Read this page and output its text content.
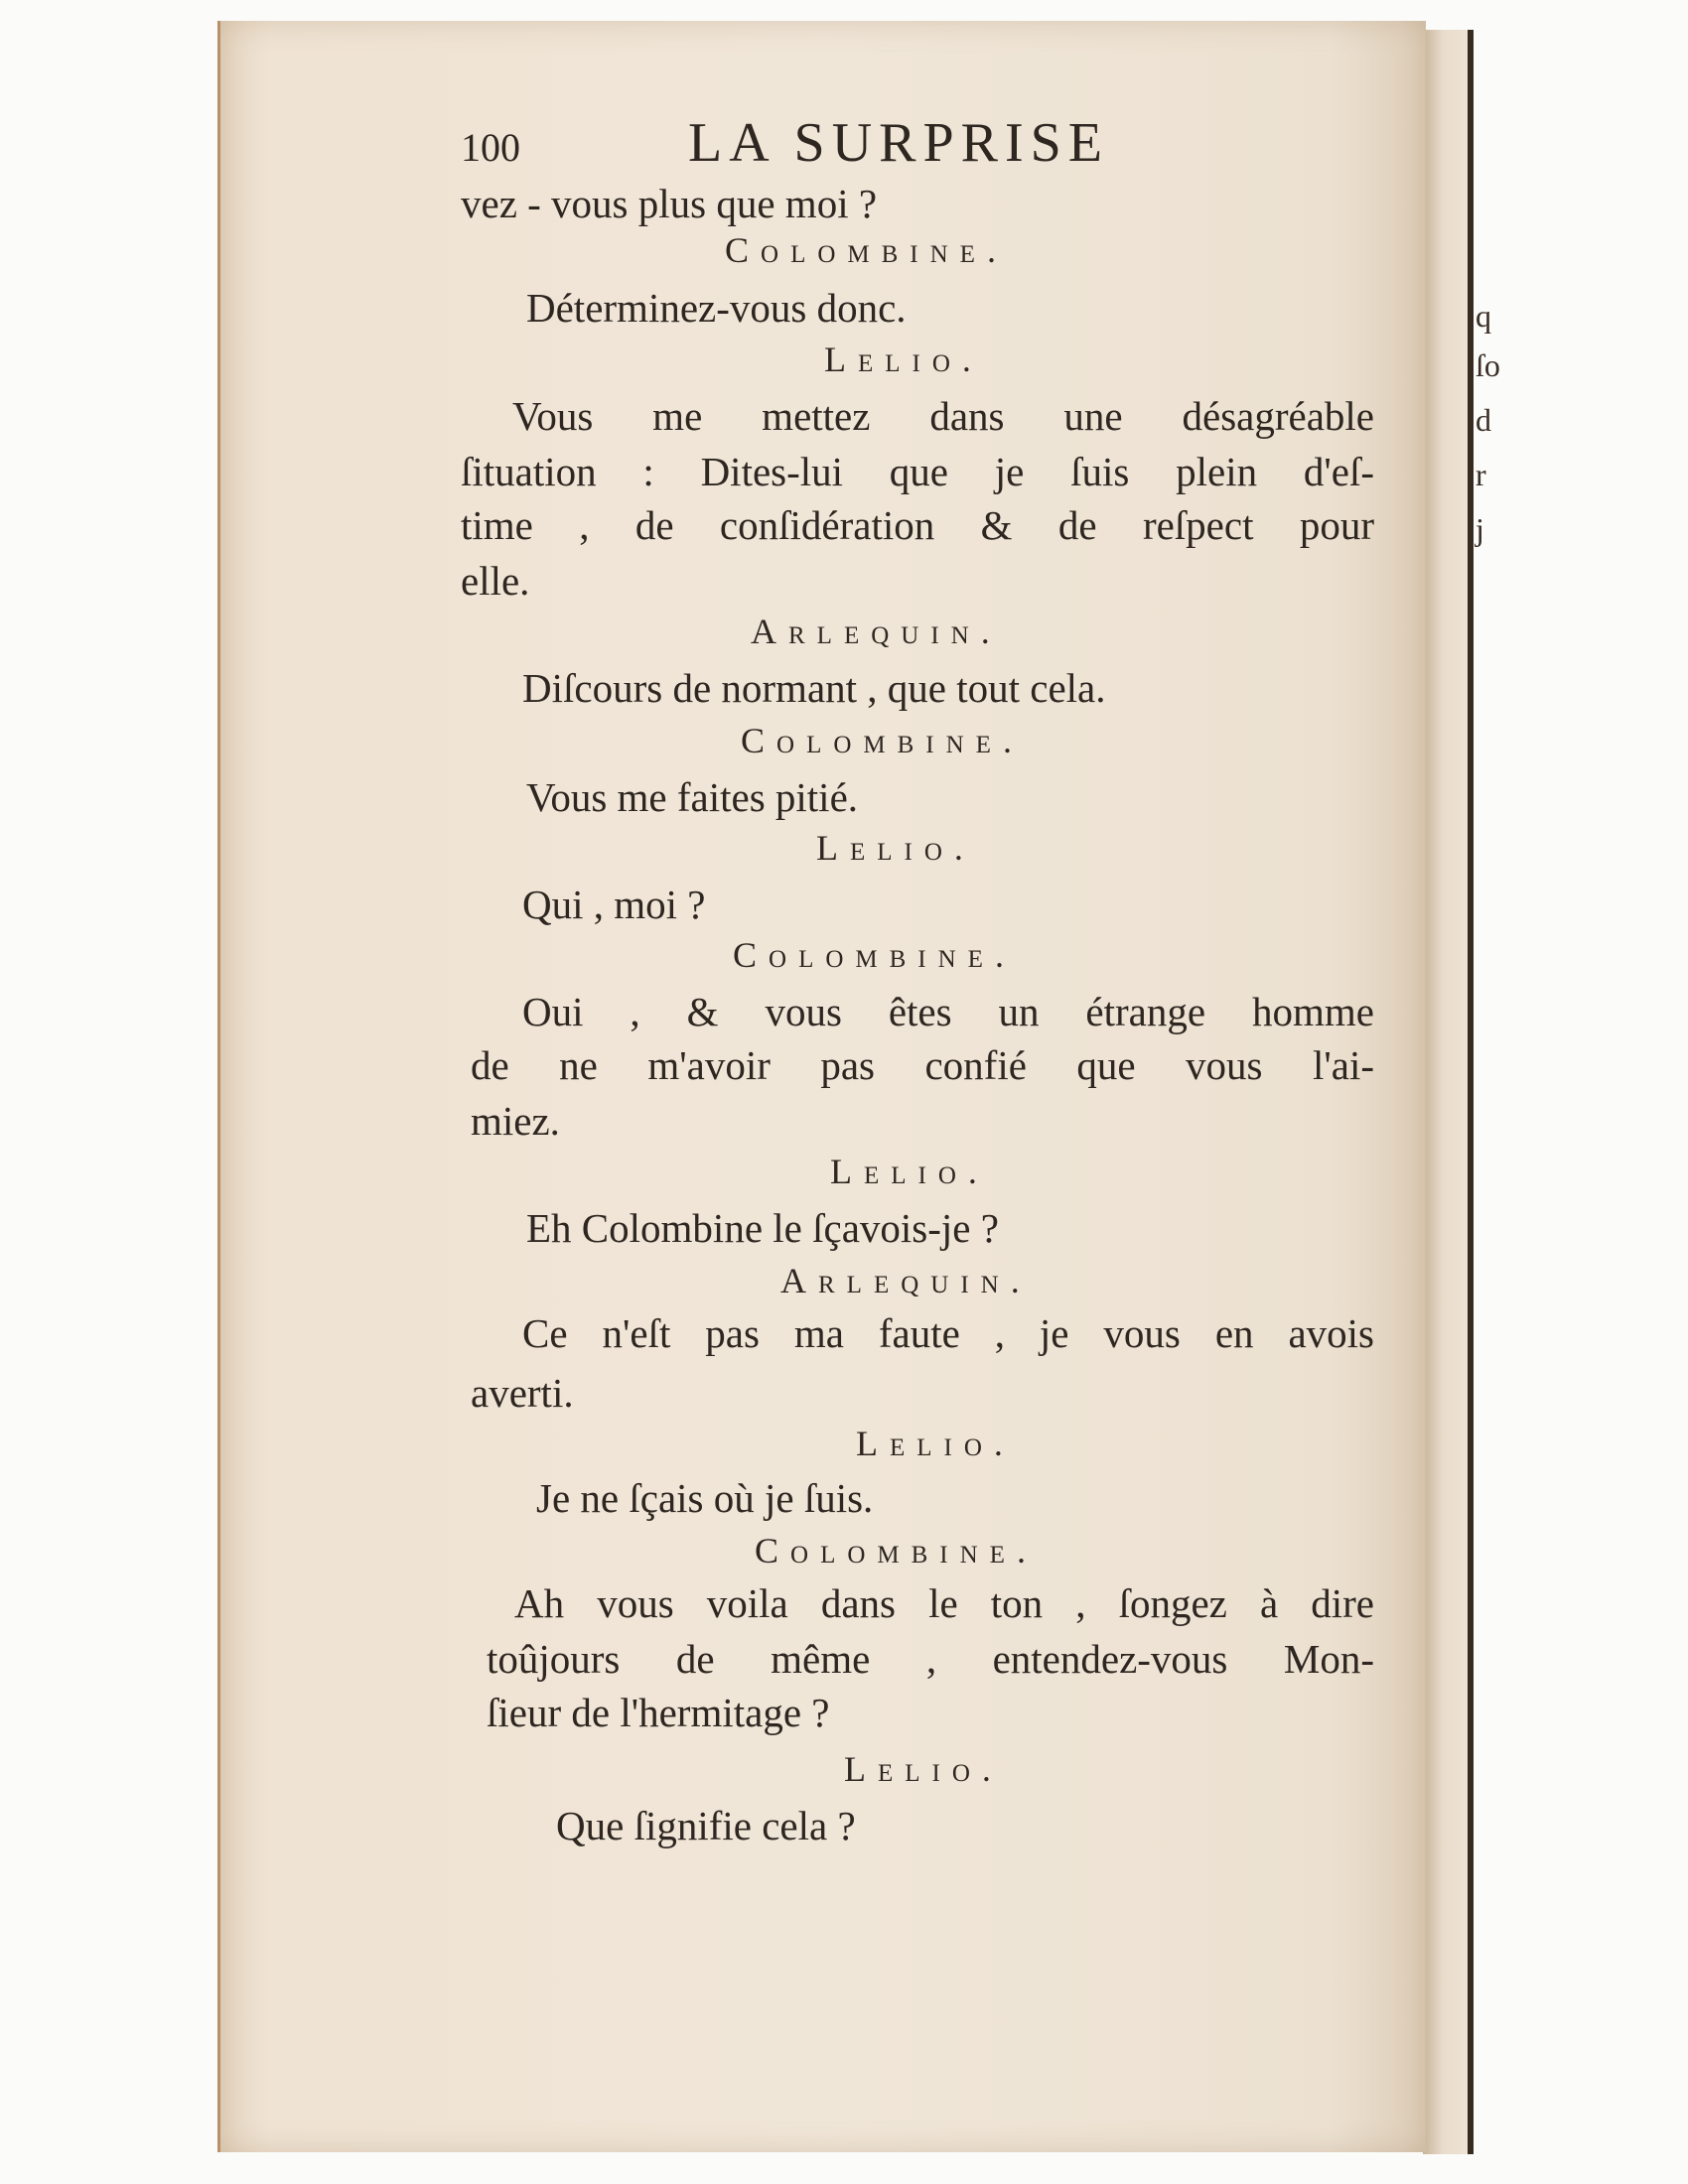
100	LA SURPRISE
vez - vous plus que moi ?
Colombine.
Déterminez-vous donc.
Lelio.
Vous me mettez dans une désagréable
ſituation : Dites-lui que je ſuis plein d'eſ-
time , de conſidération & de reſpect pour
elle.
Arlequin.
Diſcours de normant , que tout cela.
Colombine.
Vous me faites pitié.
Lelio.
Qui , moi ?
Colombine.
Oui , & vous êtes un étrange homme
de ne m'avoir pas confié que vous l'ai-
miez.
Lelio.
Eh Colombine le ſçavois-je ?
Arlequin.
Ce n'eſt pas ma faute , je vous en avois
averti.
Lelio.
Je ne ſçais où je ſuis.
Colombine.
Ah vous voila dans le ton , ſongez à dire
toûjours de même , entendez-vous Mon-
ſieur de l'hermitage ?
Lelio.
Que ſignifie cela ?
q
ſo
d
r
j
